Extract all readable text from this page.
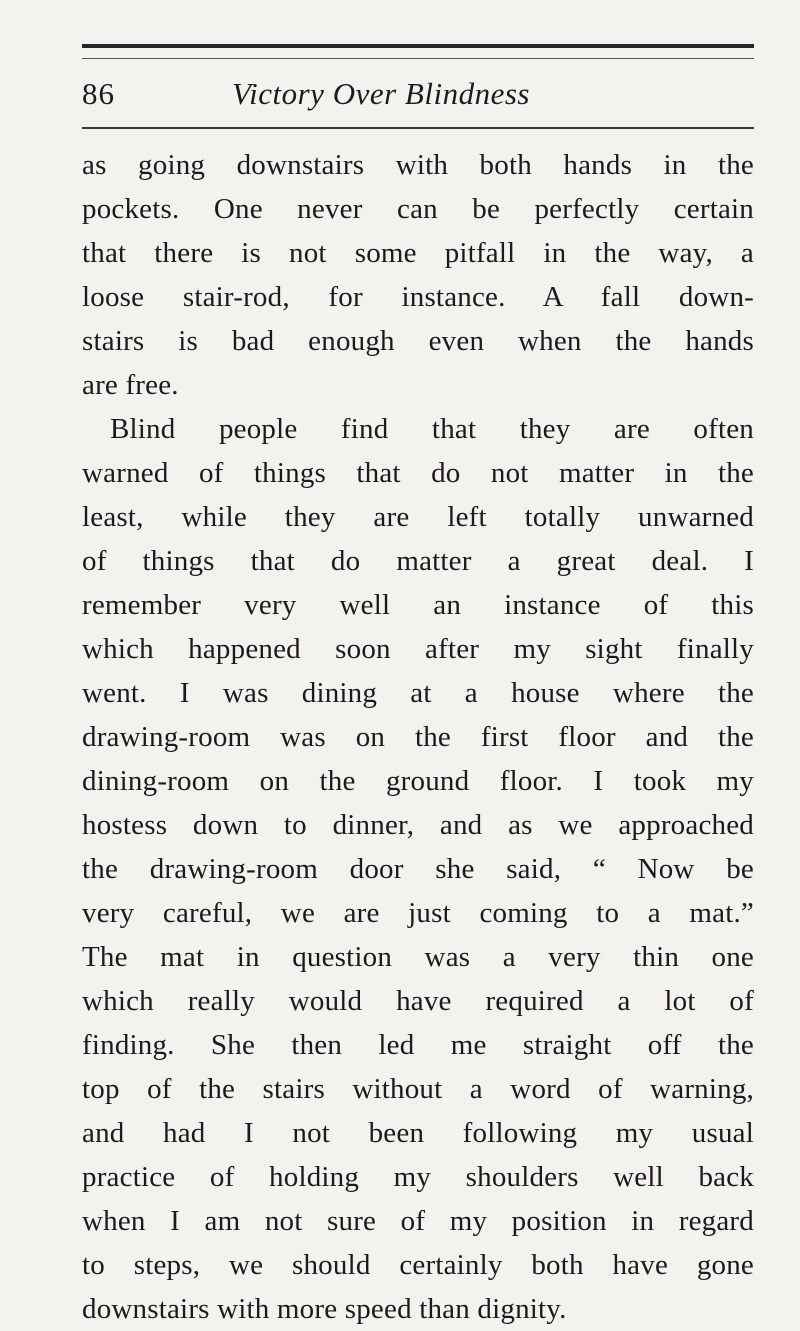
86	Victory Over Blindness
as going downstairs with both hands in the
pockets. One never can be perfectly certain
that there is not some pitfall in the way, a
loose stair-rod, for instance. A fall down-
stairs is bad enough even when the hands
are free.
Blind people find that they are often
warned of things that do not matter in the
least, while they are left totally unwarned
of things that do matter a great deal. I
remember very well an instance of this
which happened soon after my sight finally
went. I was dining at a house where the
drawing-room was on the first floor and the
dining-room on the ground floor. I took my
hostess down to dinner, and as we approached
the drawing-room door she said, “ Now be
very careful, we are just coming to a mat.”
The mat in question was a very thin one
which really would have required a lot of
finding. She then led me straight off the
top of the stairs without a word of warning,
and had I not been following my usual
practice of holding my shoulders well back
when I am not sure of my position in regard
to steps, we should certainly both have gone
downstairs with more speed than dignity.
